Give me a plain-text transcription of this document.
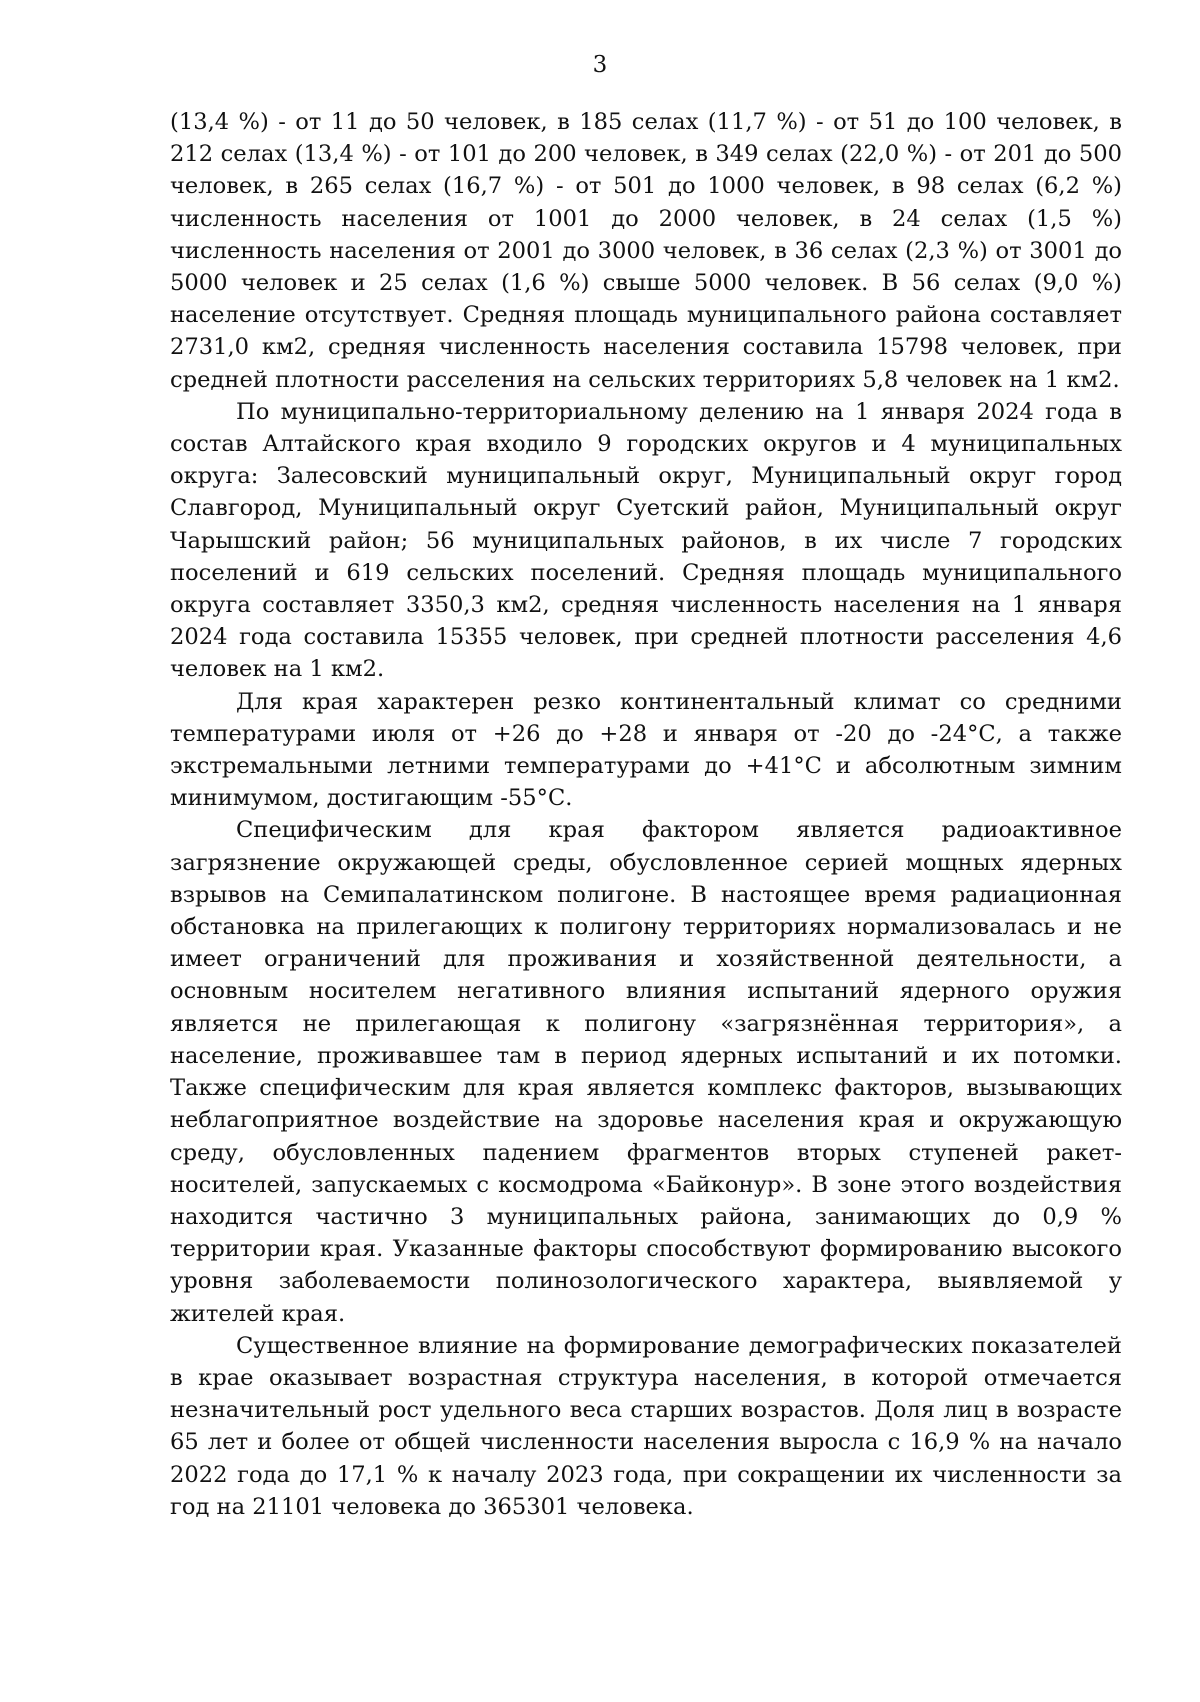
3

(13,4 %) - от 11 до 50 человек, в 185 селах (11,7 %) - от 51 до 100 человек, в 212 селах (13,4 %) - от 101 до 200 человек, в 349 селах (22,0 %) - от 201 до 500 человек, в 265 селах (16,7 %) - от 501 до 1000 человек, в 98 селах (6,2 %) численность населения от 1001 до 2000 человек, в 24 селах (1,5 %) численность населения от 2001 до 3000 человек, в 36 селах (2,3 %) от 3001 до 5000 человек и 25 селах (1,6 %) свыше 5000 человек. В 56 селах (9,0 %) население отсутствует. Средняя площадь муниципального района составляет 2731,0 км2, средняя численность населения составила 15798 человек, при средней плотности расселения на сельских территориях 5,8 человек на 1 км2.

По муниципально-территориальному делению на 1 января 2024 года в состав Алтайского края входило 9 городских округов и 4 муниципальных округа: Залесовский муниципальный округ, Муниципальный округ город Славгород, Муниципальный округ Суетский район, Муниципальный округ Чарышский район; 56 муниципальных районов, в их числе 7 городских поселений и 619 сельских поселений. Средняя площадь муниципального округа составляет 3350,3 км2, средняя численность населения на 1 января 2024 года составила 15355 человек, при средней плотности расселения 4,6 человек на 1 км2.

Для края характерен резко континентальный климат со средними температурами июля от +26 до +28 и января от -20 до -24°С, а также экстремальными летними температурами до +41°С и абсолютным зимним минимумом, достигающим -55°С.

Специфическим для края фактором является радиоактивное загрязнение окружающей среды, обусловленное серией мощных ядерных взрывов на Семипалатинском полигоне. В настоящее время радиационная обстановка на прилегающих к полигону территориях нормализовалась и не имеет ограничений для проживания и хозяйственной деятельности, а основным носителем негативного влияния испытаний ядерного оружия является не прилегающая к полигону «загрязнённая территория», а население, проживавшее там в период ядерных испытаний и их потомки. Также специфическим для края является комплекс факторов, вызывающих неблагоприятное воздействие на здоровье населения края и окружающую среду, обусловленных падением фрагментов вторых ступеней ракет-носителей, запускаемых с космодрома «Байконур». В зоне этого воздействия находится частично 3 муниципальных района, занимающих до 0,9 % территории края. Указанные факторы способствуют формированию высокого уровня заболеваемости полинозологического характера, выявляемой у жителей края.

Существенное влияние на формирование демографических показателей в крае оказывает возрастная структура населения, в которой отмечается незначительный рост удельного веса старших возрастов. Доля лиц в возрасте 65 лет и более от общей численности населения выросла с 16,9 % на начало 2022 года до 17,1 % к началу 2023 года, при сокращении их численности за год на 21101 человека до 365301 человека.
